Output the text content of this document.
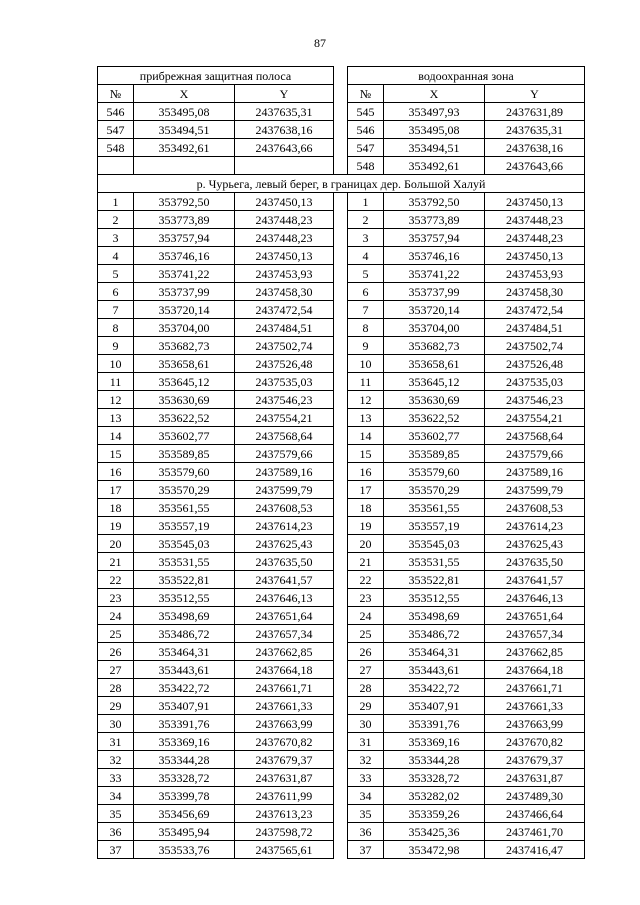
87
прибрежная защитная полоса				водоохранная зона		
№	X	Y		№	X	Y
546	353495,08	2437635,31		545	353497,93	2437631,89
547	353494,51	2437638,16		546	353495,08	2437635,31
548	353492,61	2437643,66		547	353494,51	2437638,16
				548	353492,61	2437643,66
р. Чурьега, левый берег, в границах дер. Большой Халуй						
1	353792,50	2437450,13		1	353792,50	2437450,13
2	353773,89	2437448,23		2	353773,89	2437448,23
3	353757,94	2437448,23		3	353757,94	2437448,23
4	353746,16	2437450,13		4	353746,16	2437450,13
5	353741,22	2437453,93		5	353741,22	2437453,93
6	353737,99	2437458,30		6	353737,99	2437458,30
7	353720,14	2437472,54		7	353720,14	2437472,54
8	353704,00	2437484,51		8	353704,00	2437484,51
9	353682,73	2437502,74		9	353682,73	2437502,74
10	353658,61	2437526,48		10	353658,61	2437526,48
11	353645,12	2437535,03		11	353645,12	2437535,03
12	353630,69	2437546,23		12	353630,69	2437546,23
13	353622,52	2437554,21		13	353622,52	2437554,21
14	353602,77	2437568,64		14	353602,77	2437568,64
15	353589,85	2437579,66		15	353589,85	2437579,66
16	353579,60	2437589,16		16	353579,60	2437589,16
17	353570,29	2437599,79		17	353570,29	2437599,79
18	353561,55	2437608,53		18	353561,55	2437608,53
19	353557,19	2437614,23		19	353557,19	2437614,23
20	353545,03	2437625,43		20	353545,03	2437625,43
21	353531,55	2437635,50		21	353531,55	2437635,50
22	353522,81	2437641,57		22	353522,81	2437641,57
23	353512,55	2437646,13		23	353512,55	2437646,13
24	353498,69	2437651,64		24	353498,69	2437651,64
25	353486,72	2437657,34		25	353486,72	2437657,34
26	353464,31	2437662,85		26	353464,31	2437662,85
27	353443,61	2437664,18		27	353443,61	2437664,18
28	353422,72	2437661,71		28	353422,72	2437661,71
29	353407,91	2437661,33		29	353407,91	2437661,33
30	353391,76	2437663,99		30	353391,76	2437663,99
31	353369,16	2437670,82		31	353369,16	2437670,82
32	353344,28	2437679,37		32	353344,28	2437679,37
33	353328,72	2437631,87		33	353328,72	2437631,87
34	353399,78	2437611,99		34	353282,02	2437489,30
35	353456,69	2437613,23		35	353359,26	2437466,64
36	353495,94	2437598,72		36	353425,36	2437461,70
37	353533,76	2437565,61		37	353472,98	2437416,47
